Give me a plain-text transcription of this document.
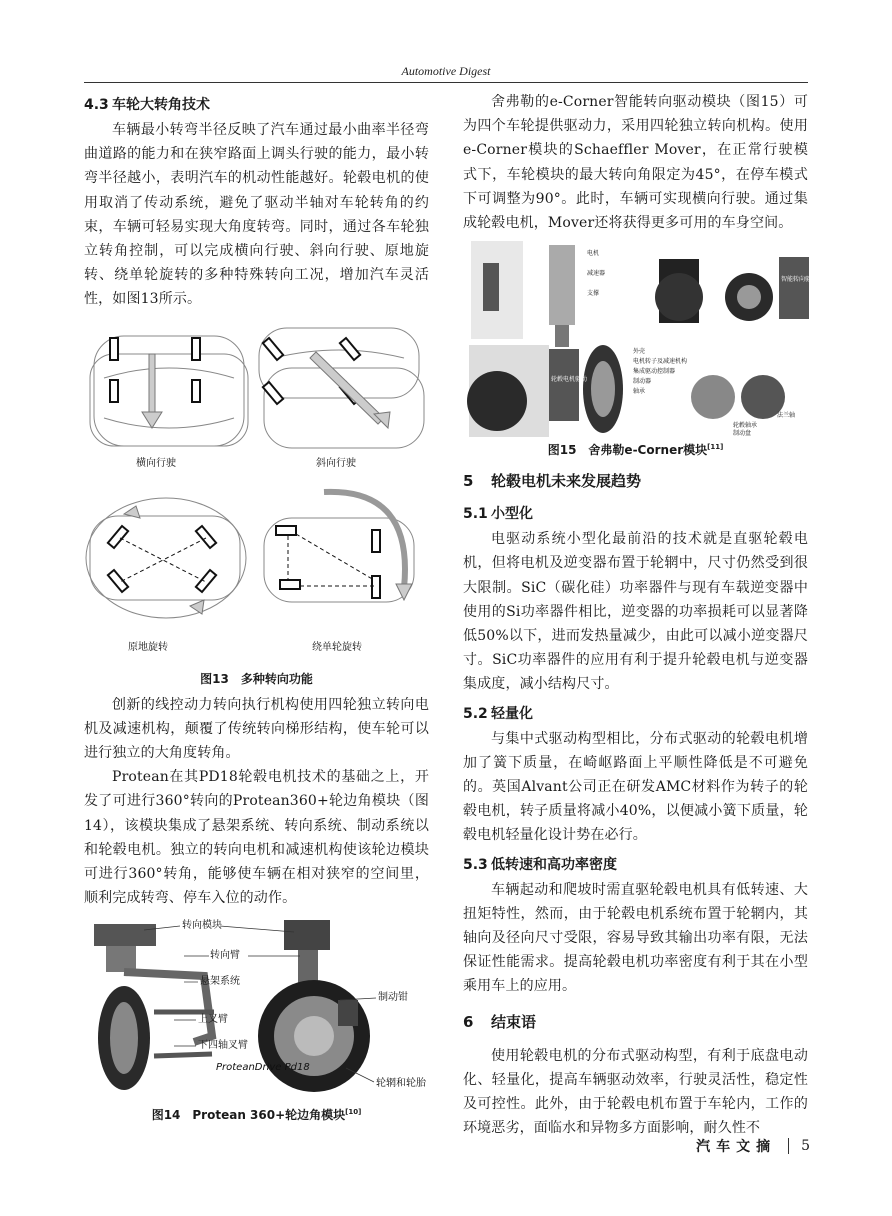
Automotive Digest
4.3 车轮大转角技术

车辆最小转弯半径反映了汽车通过最小曲率半径弯曲道路的能力和在狭窄路面上调头行驶的能力，最小转弯半径越小，表明汽车的机动性能越好。轮毂电机的使用取消了传动系统，避免了驱动半轴对车轮转角的约束，车辆可轻易实现大角度转弯。同时，通过各车轮独立转角控制，可以完成横向行驶、斜向行驶、原地旋转、绕单轮旋转的多种特殊转向工况，增加汽车灵活性，如图13所示。

横向行驶	斜向行驶
原地旋转	绕单轮旋转
图13　多种转向功能

创新的线控动力转向执行机构使用四轮独立转向电机及减速机构，颠覆了传统转向梯形结构，使车轮可以进行独立的大角度转角。

Protean在其PD18轮毂电机技术的基础之上，开发了可进行360°转向的Protean360+轮边角模块（图14），该模块集成了悬架系统、转向系统、制动系统以和轮毂电机。独立的转向电机和减速机构使该轮边模块可进行360°转角，能够使车辆在相对狭窄的空间里，顺利完成转弯、停车入位的动作。

转向模块
转向臂
悬架系统
上叉臂
下四轴叉臂
ProteanDrive Pd18
制动钳
轮辋和轮胎
图14　Protean 360+轮边角模块[10]

舍弗勒的e-Corner智能转向驱动模块（图15）可为四个车轮提供驱动力，采用四轮独立转向机构。使用e-Corner模块的Schaeffler Mover，在正常行驶模式下，车轮模块的最大转向角限定为45°，在停车模式下可调整为90°。此时，车辆可实现横向行驶。通过集成轮毂电机，Mover还将获得更多可用的车身空间。

智能转向驱动模块
电机
减速器
支撑
轮毂电机驱动
外壳
电机转子及减速机构
集成驱动控制器
制动器
轴承
轮毂轴承
制动盘
法兰轴
图15　舍弗勒e-Corner模块[11]
5 轮毂电机未来发展趋势
5.1 小型化

电驱动系统小型化最前沿的技术就是直驱轮毂电机，但将电机及逆变器布置于轮辋中，尺寸仍然受到很大限制。SiC（碳化硅）功率器件与现有车载逆变器中使用的Si功率器件相比，逆变器的功率损耗可以显著降低50%以下，进而发热量减少，由此可以减小逆变器尺寸。SiC功率器件的应用有利于提升轮毂电机与逆变器集成度，减小结构尺寸。

5.2 轻量化

与集中式驱动构型相比，分布式驱动的轮毂电机增加了簧下质量，在崎岖路面上平顺性降低是不可避免的。英国Alvant公司正在研发AMC材料作为转子的轮毂电机，转子质量将减小40%，以便减小簧下质量，轮毂电机轻量化设计势在必行。

5.3 低转速和高功率密度

车辆起动和爬坡时需直驱轮毂电机具有低转速、大扭矩特性，然而，由于轮毂电机系统布置于轮辋内，其轴向及径向尺寸受限，容易导致其输出功率有限，无法保证性能需求。提高轮毂电机功率密度有利于其在小型乘用车上的应用。

6 结束语

使用轮毂电机的分布式驱动构型，有利于底盘电动化、轻量化，提高车辆驱动效率，行驶灵活性，稳定性及可控性。此外，由于轮毂电机布置于车轮内，工作的环境恶劣，面临水和异物多方面影响，耐久性不

汽车文摘 5
